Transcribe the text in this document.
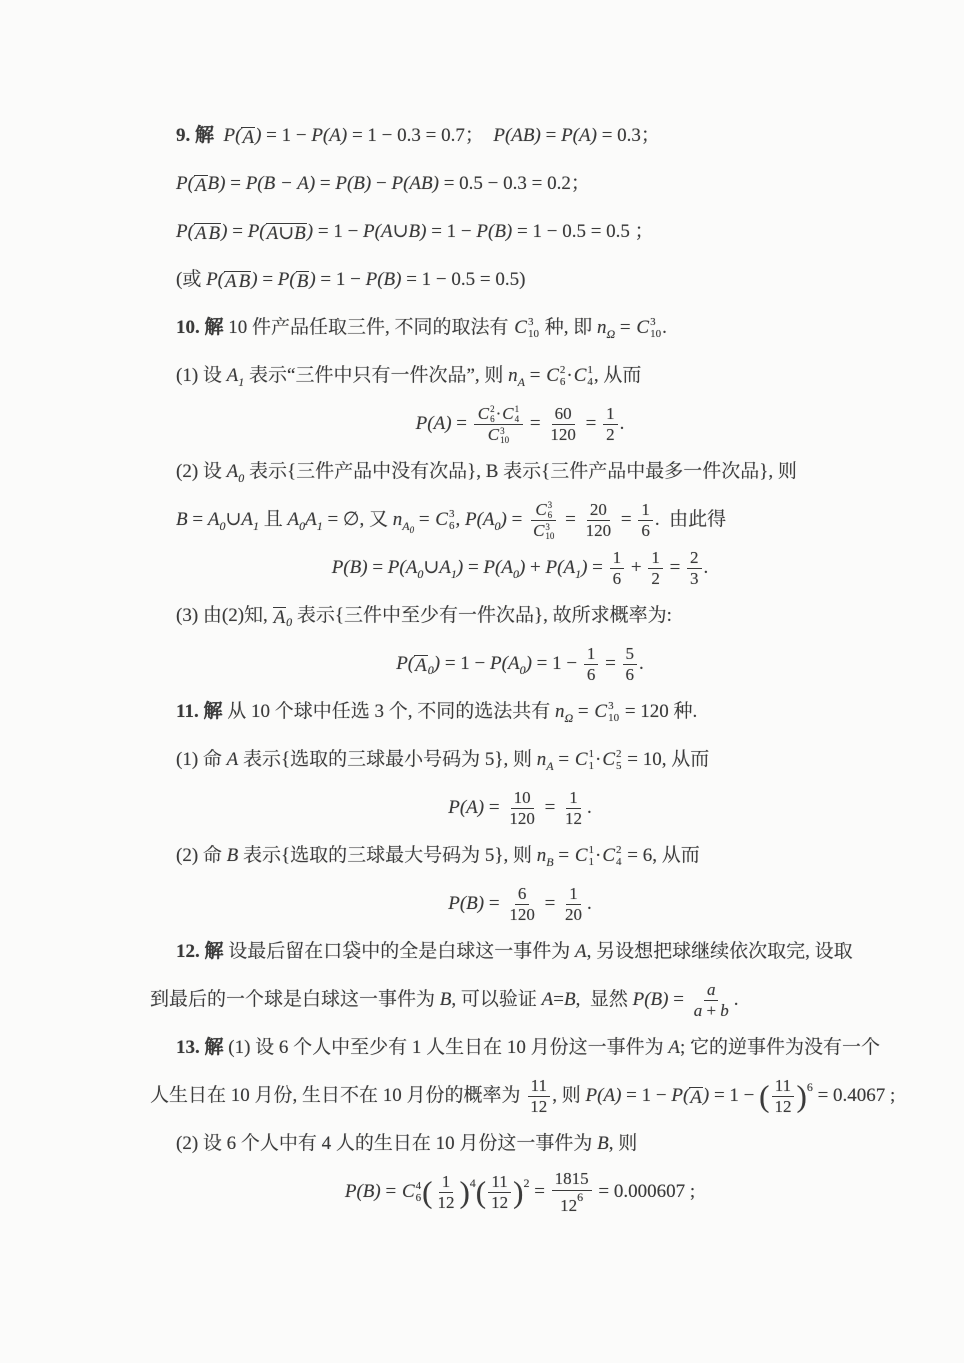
9. 解 P(A) = 1 − P(A) = 1 − 0.3 = 0.7；  P(AB) = P(A) = 0.3；
P(AB) = P(B − A) = P(B) − P(AB) = 0.5 − 0.3 = 0.2；
P(A B) = P(A∪B) = 1 − P(A∪B) = 1 − P(B) = 1 − 0.5 = 0.5 ；
(或 P(A B) = P(B) = 1 − P(B) = 1 − 0.5 = 0.5)
10. 解 10 件产品任取三件, 不同的取法有 C 3
10 种, 即 $n_\Omega = C$ 3
10 .
(1) 设 $A_1$ 表示“三件中只有一件次品”, 则 $n_A = C$ 2
6 ·C 1
4 , 从而
P(A) = C 2
6 ·C 1
4
C 3
$10 = \frac{60}{120} = \frac{1}{2}$ .
(2) 设 $A_0$ 表示{三件产品中没有次品}, B 表示{三件产品中最多一件次品}, 则
$B = A_0\cup A_1$ 且 $A_0A_1$ = ∅, 又 $n_{A0} = C$ 3
6 , $P(A_0) = C$ 3
6
C 3
$10 = \frac{20}{120} = \frac{1}{6}$ .  由此得
$P(B) = P(A_0\cup A_1) = P(A_0) + P(A_1) = \frac{1}{6} + \frac{1}{2} = \frac{2}{3}$ .
(3) 由(2)知, $A_0$ 表示{三件中至少有一件次品}, 故所求概率为:
$P(A_0) = 1 - P(A_0) = 1 - \frac{1}{6} = \frac{5}{6}$ .
11. 解 从 10 个球中任选 3 个, 不同的选法共有 $n_\Omega = C$ 3
10 = 120 种.
(1) 命 A 表示{选取的三球最小号码为 5}, 则 $n_A = C$ 1
1 ·C 2
5 = 10, 从而
$P(A) = \frac{10}{120} = \frac{1}{12}$ .
(2) 命 B 表示{选取的三球最大号码为 5}, 则 $n_B = C$ 1
1 ·C 2
4 = 6, 从而
$P(B) = \frac{6}{120} = \frac{1}{20}$ .
12. 解 设最后留在口袋中的全是白球这一事件为 A, 另设想把球继续依次取完, 设取
到最后的一个球是白球这一事件为 B, 可以验证 A=B,  显然 $P(B) = \frac{a}{a + b}$ .
13. 解 (1) 设 6 个人中至少有 1 人生日在 10 月份这一事件为 A; 它的逆事件为没有一个
人生日在 10 月份, 生日不在 10 月份的概率为 $\frac{11}{12}$ , 则 P(A) = 1 − P(A) = 1 − ( $\frac{11}{12} )^6 = 0.4067$ ;
(2) 设 6 个人中有 4 人的生日在 10 月份这一事件为 B, 则
P(B) = C 4
6 ( $\frac{1}{12} )^4( \frac{11}{12} )^2 = \frac{1815}{12^6} = 0.000607$ ;
